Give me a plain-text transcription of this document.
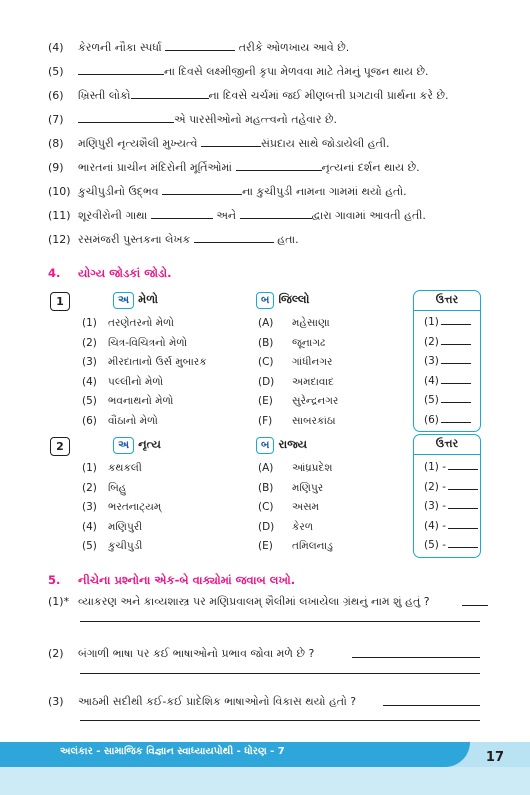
(4) કેરળની નૌકા સ્પર્ધા	તરીકે ઓળખાય આવે છે.
(5)	ના દિવસે લક્ષ્મીજીની કૃપા મેળવવા માટે તેમનું પૂજન થાય છે.
(6) ખ્રિસ્તી લોકો	ના દિવસે ચર્ચમાં જઈ મીણબત્તી પ્રગટાવી પ્રાર્થના કરે છે.
(7)	એ પારસીઓનો મહત્ત્વનો તહેવાર છે.
(8) મણિપુરી નૃત્યશૈલી મુખ્યત્વે	સંપ્રદાય સાથે જોડાયેલી હતી.
(9) ભારતનાં પ્રાચીન મંદિરોની મૂર્તિઓમાં	નૃત્યનાં દર્શન થાય છે.
(10) કુચીપુડીનો ઉદ્ભવ	ના કુચીપુડી નામના ગામમાં થયો હતો.
(11) શૂરવીરોની ગાથા	અને	દ્વારા ગાવામાં આવતી હતી.
(12) રસમંજરી પુસ્તકના લેખક	હતા.
4. યોગ્ય જોડકાં જોડો.
1	અ મેળો	બ જિલ્લો	ઉત્તર
(1) તરણેતરનો મેળો	(A) મહેસાણા	(1)
(2) ચિત્ર-વિચિત્રનો મેળો	(B) જૂનાગઢ	(2)
(3) મીરદાતાનો ઉર્સ મુબારક	(C) ગાંધીનગર	(3)
(4) પલ્લીનો મેળો	(D) અમદાવાદ	(4)
(5) ભવનાથનો મેળો	(E) સુરેન્દ્રનગર	(5)
(6) વૌઠાનો મેળો	(F) સાબરકાંઠા	(6)
2	અ નૃત્ય	બ રાજ્ય	ઉત્તર
(1) કથકલી	(A) આંધ્રપ્રદેશ	(1) -
(2) બિહુ	(B) મણિપુર	(2) -
(3) ભરતનાટ્યમ્	(C) અસમ	(3) -
(4) મણિપુરી	(D) કેરળ	(4) -
(5) કુચીપુડી	(E) તમિલનાડુ	(5) -
5. નીચેના પ્રશ્નોના એક-બે વાક્યોમાં જવાબ લખો.
(1)* વ્યાકરણ અને કાવ્યશાસ્ત્ર પર મણિપ્રવાલમ્ શૈલીમાં લખાયેલા ગ્રંથનું નામ શું હતું ?
(2) બંગાળી ભાષા પર કઈ ભાષાઓનો પ્રભાવ જોવા મળે છે ?
(3) આઠમી સદીથી કઈ-કઈ પ્રાદેશિક ભાષાઓનો વિકાસ થયો હતો ?
અલંકાર - સામાજિક વિજ્ઞાન સ્વાધ્યાયપોથી - ધોરણ - 7	17
